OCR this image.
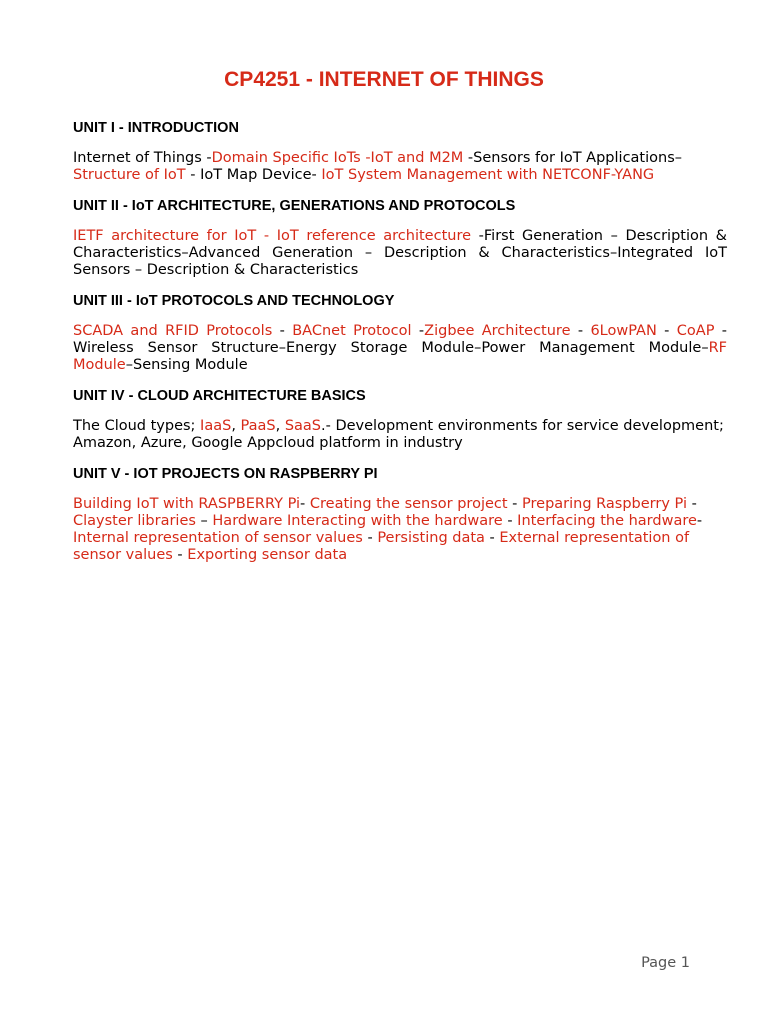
CP4251 - INTERNET OF THINGS

UNIT I - INTRODUCTION

Internet of Things -Domain Specific IoTs -IoT and M2M -Sensors for IoT Applications– Structure of IoT - IoT Map Device- IoT System Management with NETCONF-YANG

UNIT II - IoT ARCHITECTURE, GENERATIONS AND PROTOCOLS

IETF architecture for IoT - IoT reference architecture -First Generation – Description & Characteristics–Advanced Generation – Description & Characteristics–Integrated IoT Sensors – Description & Characteristics

UNIT III - IoT PROTOCOLS AND TECHNOLOGY

SCADA and RFID Protocols - BACnet Protocol -Zigbee Architecture - 6LowPAN - CoAP -Wireless Sensor Structure–Energy Storage Module–Power Management Module–RF Module–Sensing Module

UNIT IV - CLOUD ARCHITECTURE BASICS

The Cloud types; IaaS, PaaS, SaaS.- Development environments for service development; Amazon, Azure, Google Appcloud platform in industry

UNIT V - IOT PROJECTS ON RASPBERRY PI

Building IoT with RASPBERRY Pi- Creating the sensor project - Preparing Raspberry Pi - Clayster libraries – Hardware Interacting with the hardware - Interfacing the hardware- Internal representation of sensor values - Persisting data - External representation of sensor values - Exporting sensor data

Page 1
